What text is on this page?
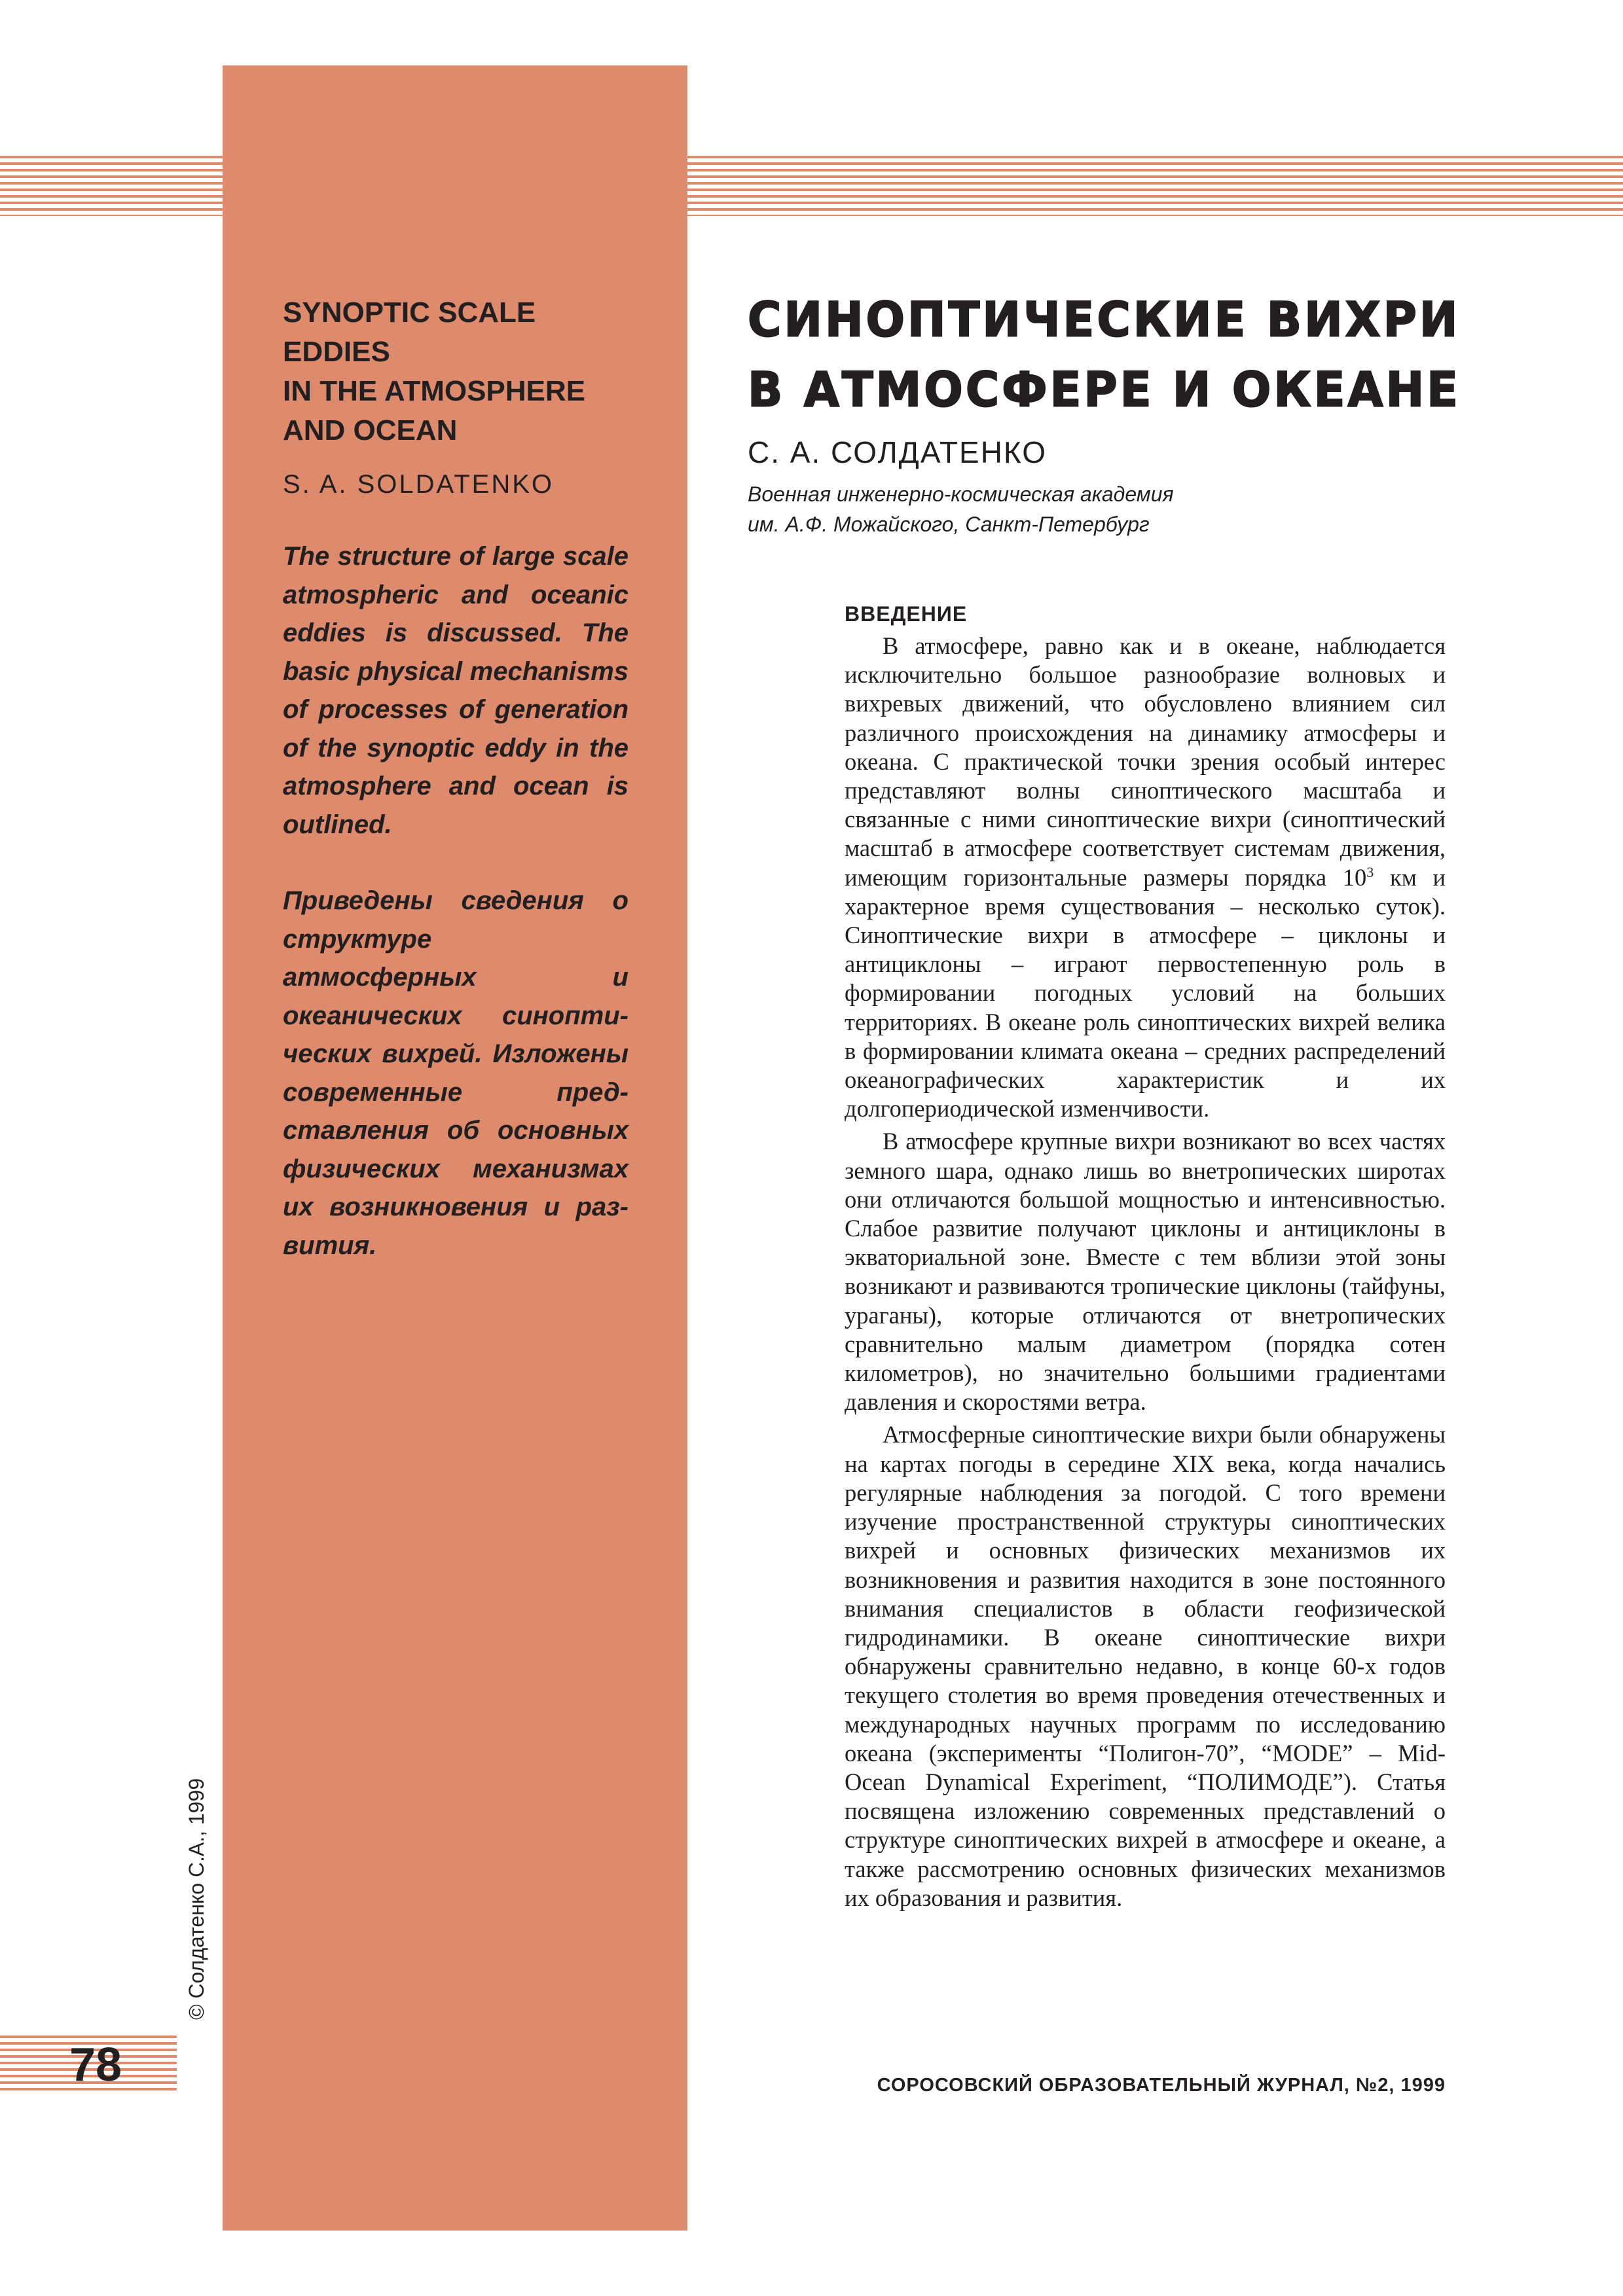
SYNOPTIC SCALE EDDIES
IN THE ATMOSPHERE
AND OCEAN
S. A. SOLDATENKO

The structure of large scale atmospheric and oceanic eddies is discussed. The basic physical mechanisms of processes of generation of the synoptic eddy in the atmosphere and ocean is outlined.

Приведены сведения о структуре атмосферных и океанических синоптических вихрей. Изложены современные представления об основных физических механизмах их возникновения и развития.

СИНОПТИЧЕСКИЕ ВИХРИ
В АТМОСФЕРЕ И ОКЕАНЕ
С. А. СОЛДАТЕНКО
Военная инженерно-космическая академия
им. А.Ф. Можайского, Санкт-Петербург
ВВЕДЕНИЕ

В атмосфере, равно как и в океане, наблюдается исключительно большое разнообразие волновых и вихревых движений, что обусловлено влиянием сил различного происхождения на динамику атмосферы и океана. С практической точки зрения особый интерес представляют волны синоптического масштаба и связанные с ними синоптические вихри (синоптический масштаб в атмосфере соответствует системам движения, имеющим горизонтальные размеры порядка $10^3$ км и характерное время существования – несколько суток). Синоптические вихри в атмосфере – циклоны и антициклоны – играют первостепенную роль в формировании погодных условий на больших территориях. В океане роль синоптических вихрей велика в формировании климата океана – средних распределений океанографических характеристик и их долгопериодической изменчивости.

В атмосфере крупные вихри возникают во всех частях земного шара, однако лишь во внетропических широтах они отличаются большой мощностью и интенсивностью. Слабое развитие получают циклоны и антициклоны в экваториальной зоне. Вместе с тем вблизи этой зоны возникают и развиваются тропические циклоны (тайфуны, ураганы), которые отличаются от внетропических сравнительно малым диаметром (порядка сотен километров), но значительно большими градиентами давления и скоростями ветра.

Атмосферные синоптические вихри были обнаружены на картах погоды в середине XIX века, когда начались регулярные наблюдения за погодой. С того времени изучение пространственной структуры синоптических вихрей и основных физических механизмов их возникновения и развития находится в зоне постоянного внимания специалистов в области геофизической гидродинамики. В океане синоптические вихри обнаружены сравнительно недавно, в конце 60-х годов текущего столетия во время проведения отечественных и международных научных программ по исследованию океана (эксперименты “Полигон-70”, “MODE” – Mid-Ocean Dynamical Experiment, “ПОЛИМОДЕ”). Статья посвящена изложению современных представлений о структуре синоптических вихрей в атмосфере и океане, а также рассмотрению основных физических механизмов их образования и развития.

© Солдатенко С.А., 1999
78	СОРОСОВСКИЙ ОБРАЗОВАТЕЛЬНЫЙ ЖУРНАЛ, №2, 1999
